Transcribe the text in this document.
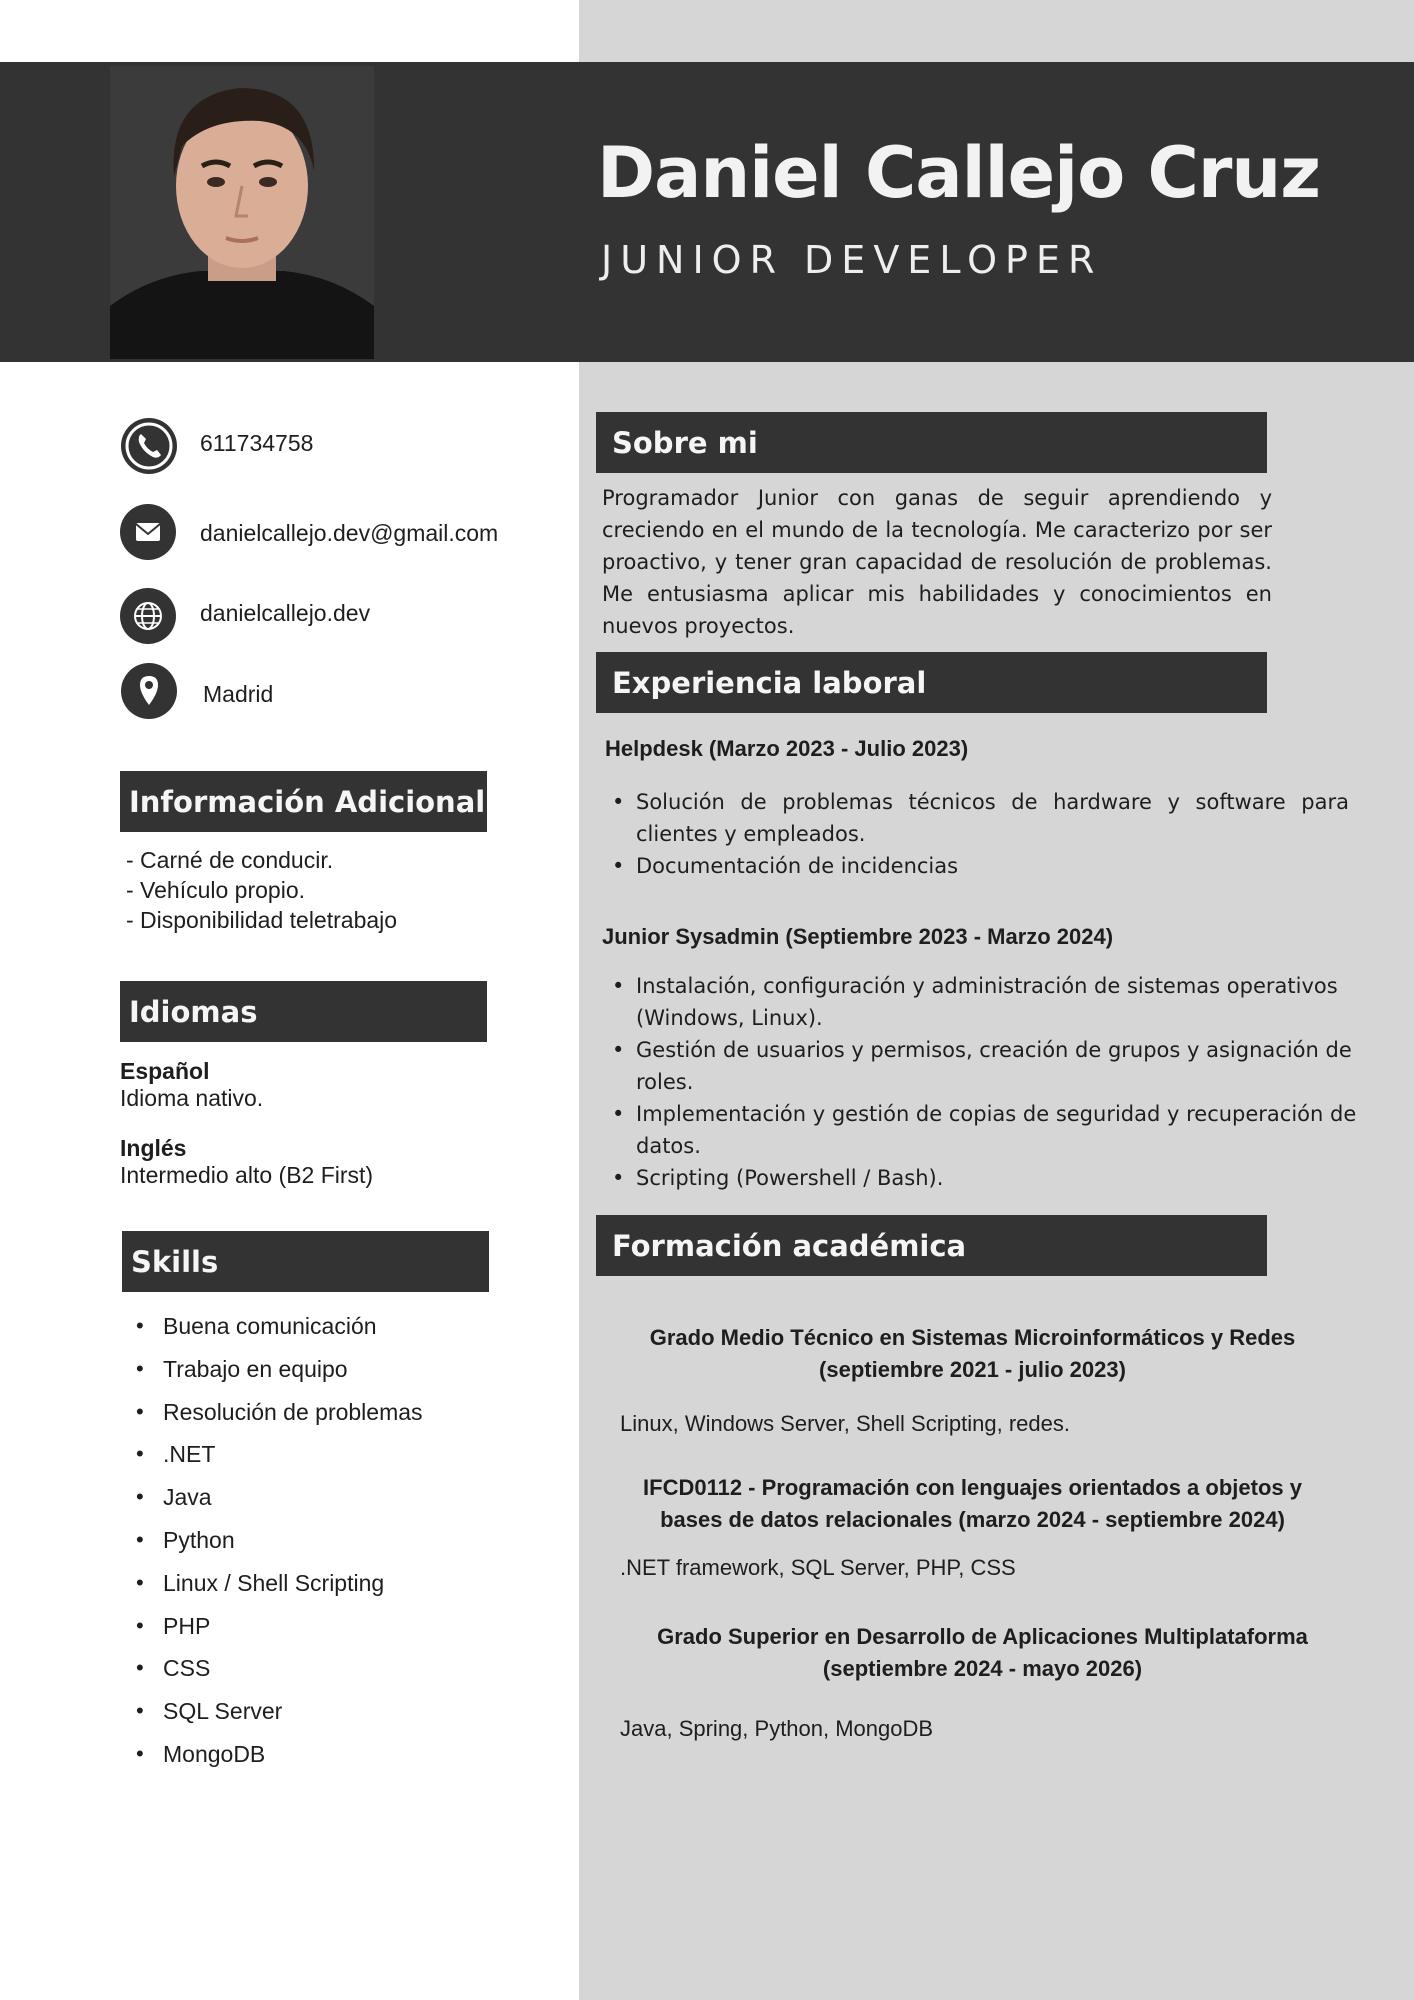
Daniel Callejo Cruz
JUNIOR DEVELOPER
611734758
danielcallejo.dev@gmail.com
danielcallejo.dev
Madrid
Información Adicional
- Carné de conducir.
- Vehículo propio.
- Disponibilidad teletrabajo
Idiomas
Español
Idioma nativo.
Inglés
Intermedio alto (B2 First)
Skills
• Buena comunicación
• Trabajo en equipo
• Resolución de problemas
• .NET
• Java
• Python
• Linux / Shell Scripting
• PHP
• CSS
• SQL Server
• MongoDB
Sobre mi
Programador Junior con ganas de seguir aprendiendo y creciendo en el mundo de la tecnología. Me caracterizo por ser proactivo, y tener gran capacidad de resolución de problemas. Me entusiasma aplicar mis habilidades y conocimientos en nuevos proyectos.
Experiencia laboral
Helpdesk (Marzo 2023 - Julio 2023)
• Solución de problemas técnicos de hardware y software para clientes y empleados.
• Documentación de incidencias
Junior Sysadmin (Septiembre 2023 - Marzo 2024)
• Instalación, configuración y administración de sistemas operativos (Windows, Linux).
• Gestión de usuarios y permisos, creación de grupos y asignación de roles.
• Implementación y gestión de copias de seguridad y recuperación de datos.
• Scripting (Powershell / Bash).
Formación académica
Grado Medio Técnico en Sistemas Microinformáticos y Redes (septiembre 2021 - julio 2023)
Linux, Windows Server, Shell Scripting, redes.
IFCD0112 - Programación con lenguajes orientados a objetos y bases de datos relacionales (marzo 2024 - septiembre 2024)
.NET framework, SQL Server, PHP, CSS
Grado Superior en Desarrollo de Aplicaciones Multiplataforma (septiembre 2024 - mayo 2026)
Java, Spring, Python, MongoDB
